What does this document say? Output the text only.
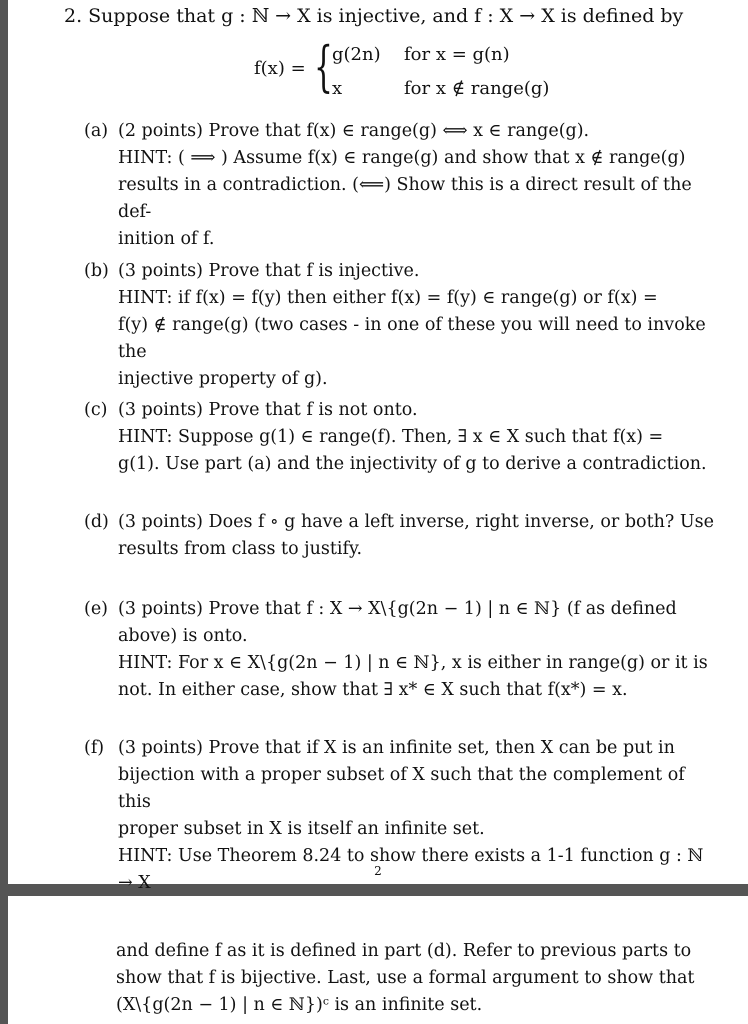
2. Suppose that g : ℕ → X is injective, and f : X → X is defined by
f(x) = { g(2n) for x = g(n)
x	for x ∉ range(g)
(a) (2 points) Prove that f(x) ∈ range(g) ⟺ x ∈ range(g).

HINT: ( ⟹ ) Assume f(x) ∈ range(g) and show that x ∉ range(g)

results in a contradiction. (⟸) Show this is a direct result of the def-

inition of f.

(b) (3 points) Prove that f is injective.

HINT: if f(x) = f(y) then either f(x) = f(y) ∈ range(g) or f(x) =

f(y) ∉ range(g) (two cases - in one of these you will need to invoke the

injective property of g).

(c) (3 points) Prove that f is not onto.

HINT: Suppose g(1) ∈ range(f). Then, ∃ x ∈ X such that f(x) =

g(1). Use part (a) and the injectivity of g to derive a contradiction.

(d) (3 points) Does f ∘ g have a left inverse, right inverse, or both? Use

results from class to justify.

(e) (3 points) Prove that f : X → X\{g(2n − 1) | n ∈ ℕ} (f as defined

above) is onto.

HINT: For x ∈ X\{g(2n − 1) | n ∈ ℕ}, x is either in range(g) or it is

not. In either case, show that ∃ x* ∈ X such that f(x*) = x.

(f) (3 points) Prove that if X is an infinite set, then X can be put in

bijection with a proper subset of X such that the complement of this

proper subset in X is itself an infinite set.

HINT: Use Theorem 8.24 to show there exists a 1-1 function g : ℕ → X

2

and define f as it is defined in part (d). Refer to previous parts to

show that f is bijective. Last, use a formal argument to show that

(X\{g(2n − 1) | n ∈ ℕ})ᶜ is an infinite set.
